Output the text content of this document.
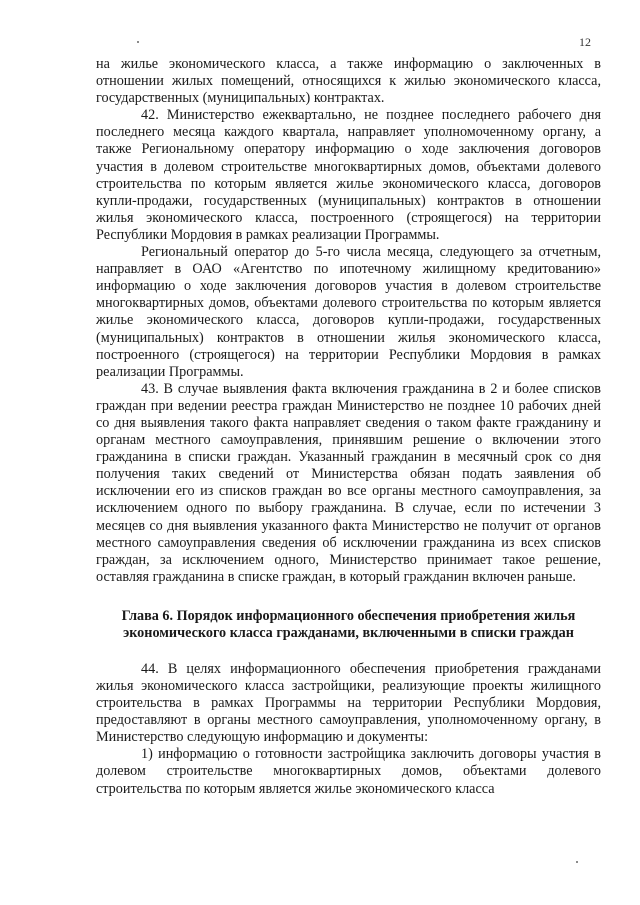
12

на жилье экономического класса, а также информацию о заключенных в отношении жилых помещений, относящихся к жилью экономического класса, государственных (муниципальных) контрактах.

42. Министерство ежеквартально, не позднее последнего рабочего дня последнего месяца каждого квартала, направляет уполномоченному органу, а также Региональному оператору информацию о ходе заключения договоров участия в долевом строительстве многоквартирных домов, объектами долевого строительства по которым является жилье экономического класса, договоров купли-продажи, государственных (муниципальных) контрактов в отношении жилья экономического класса, построенного (строящегося) на территории Республики Мордовия в рамках реализации Программы.

Региональный оператор до 5-го числа месяца, следующего за отчетным, направляет в ОАО «Агентство по ипотечному жилищному кредитованию» информацию о ходе заключения договоров участия в долевом строительстве многоквартирных домов, объектами долевого строительства по которым является жилье экономического класса, договоров купли-продажи, государственных (муниципальных) контрактов в отношении жилья экономического класса, построенного (строящегося) на территории Республики Мордовия в рамках реализации Программы.

43. В случае выявления факта включения гражданина в 2 и более списков граждан при ведении реестра граждан Министерство не позднее 10 рабочих дней со дня выявления такого факта направляет сведения о таком факте гражданину и органам местного самоуправления, принявшим решение о включении этого гражданина в списки граждан. Указанный гражданин в месячный срок со дня получения таких сведений от Министерства обязан подать заявления об исключении его из списков граждан во все органы местного самоуправления, за исключением одного по выбору гражданина. В случае, если по истечении 3 месяцев со дня выявления указанного факта Министерство не получит от органов местного самоуправления сведения об исключении гражданина из всех списков граждан, за исключением одного, Министерство принимает такое решение, оставляя гражданина в списке граждан, в который гражданин включен раньше.

Глава 6. Порядок информационного обеспечения приобретения жилья экономического класса гражданами, включенными в списки граждан

44. В целях информационного обеспечения приобретения гражданами жилья экономического класса застройщики, реализующие проекты жилищного строительства в рамках Программы на территории Республики Мордовия, предоставляют в органы местного самоуправления, уполномоченному органу, в Министерство следующую информацию и документы:

1) информацию о готовности застройщика заключить договоры участия в долевом строительстве многоквартирных домов, объектами долевого строительства по которым является жилье экономического класса
